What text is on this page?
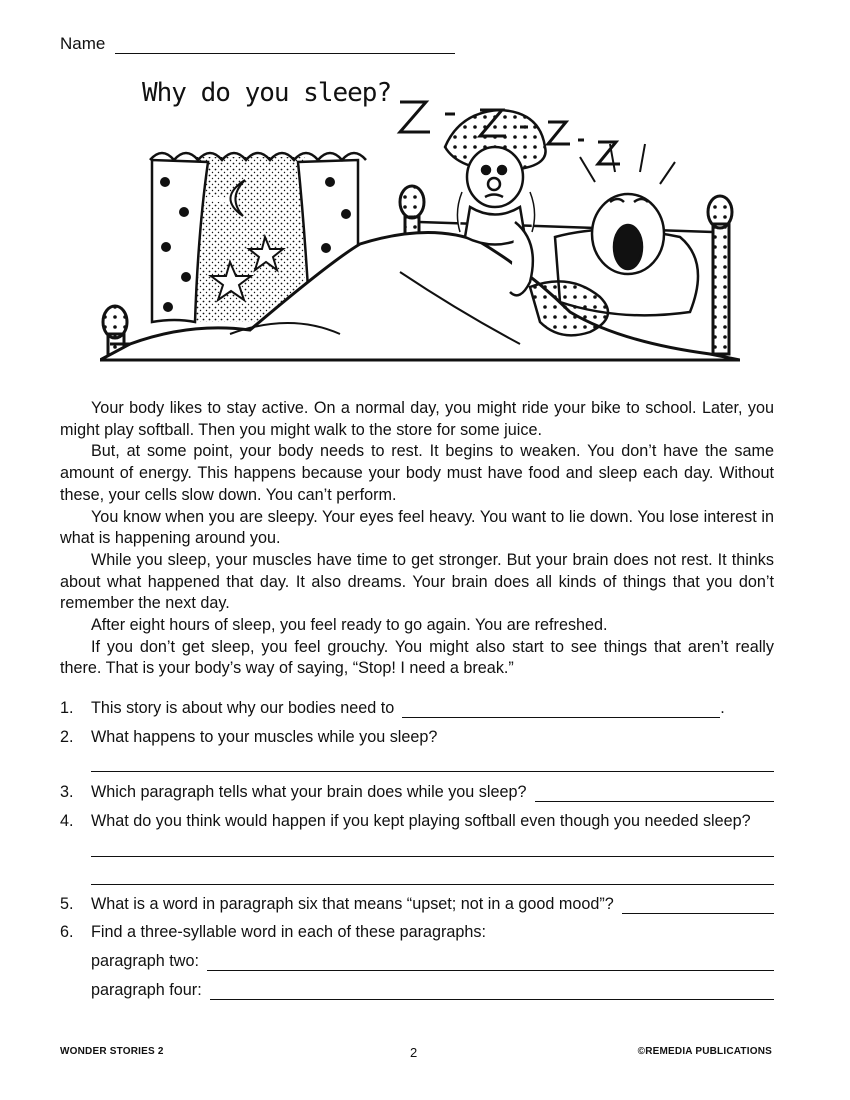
Name
Why do you sleep?

Your body likes to stay active. On a normal day, you might ride your bike to school. Later, you might play softball. Then you might walk to the store for some juice.

But, at some point, your body needs to rest. It begins to weaken. You don’t have the same amount of energy. This happens because your body must have food and sleep each day. Without these, your cells slow down. You can’t perform.

You know when you are sleepy. Your eyes feel heavy. You want to lie down. You lose interest in what is happening around you.

While you sleep, your muscles have time to get stronger. But your brain does not rest. It thinks about what happened that day. It also dreams. Your brain does all kinds of things that you don’t remember the next day.

After eight hours of sleep, you feel ready to go again. You are refreshed.

If you don’t get sleep, you feel grouchy. You might also start to see things that aren’t really there. That is your body’s way of saying, “Stop! I need a break.”

1.	This story is about why our bodies need to	.
2.	What happens to your muscles while you sleep?
3.	Which paragraph tells what your brain does while you sleep?
4.	What do you think would happen if you kept playing softball even though you needed sleep?
5.	What is a word in paragraph six that means “upset; not in a good mood”?
6.	Find a three-syllable word in each of these paragraphs:
paragraph two:
paragraph four:
WONDER STORIES 2	2	©REMEDIA PUBLICATIONS
